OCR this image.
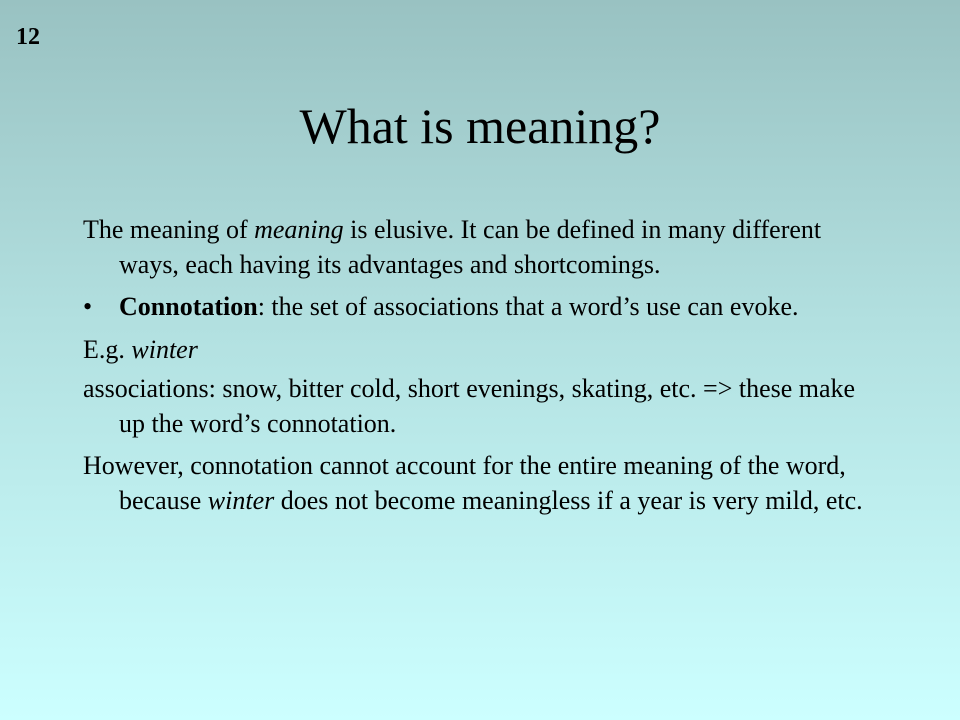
12
What is meaning?

The meaning of meaning is elusive. It can be defined in many different ways, each having its advantages and shortcomings.

•	Connotation: the set of associations that a word’s use can evoke.

E.g. winter

associations: snow, bitter cold, short evenings, skating, etc. => these make up the word’s connotation.

However, connotation cannot account for the entire meaning of the word, because winter does not become meaningless if a year is very mild, etc.
